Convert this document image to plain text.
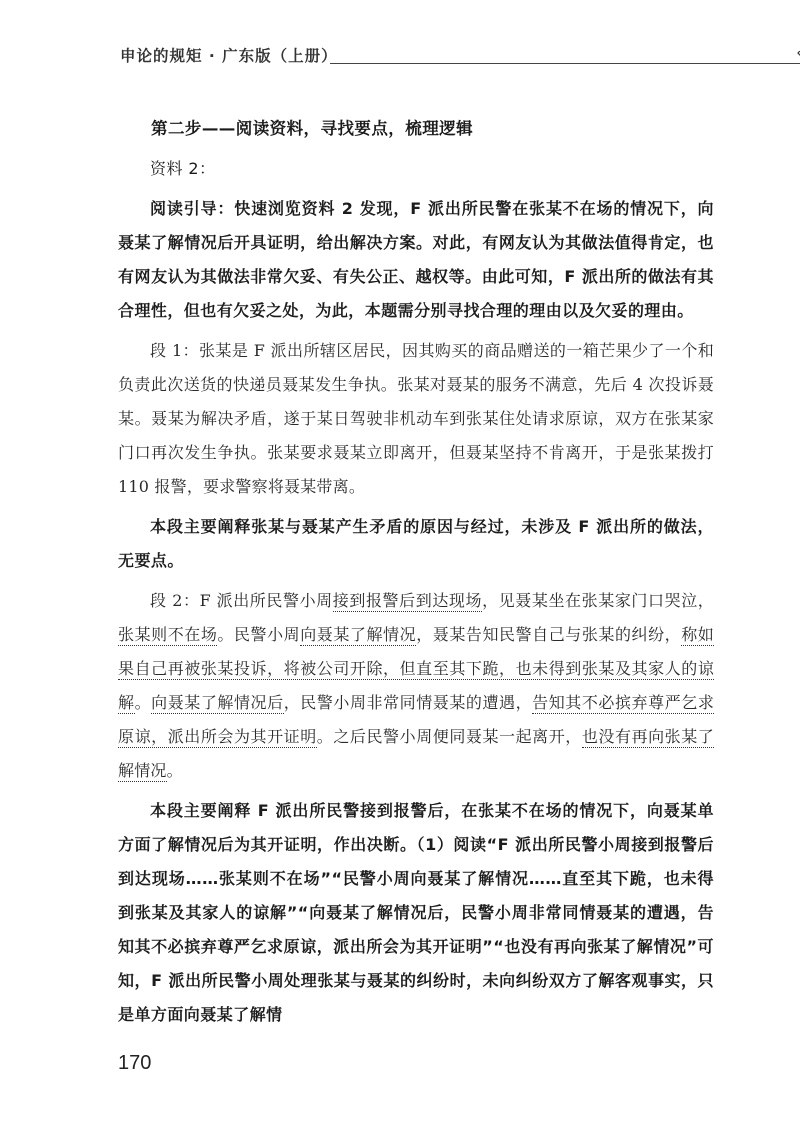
申论的规矩 · 广东版（上册）

第二步——阅读资料，寻找要点，梳理逻辑

资料 2：

阅读引导：快速浏览资料 2 发现，F 派出所民警在张某不在场的情况下，向聂某了解情况后开具证明，给出解决方案。对此，有网友认为其做法值得肯定，也有网友认为其做法非常欠妥、有失公正、越权等。由此可知，F 派出所的做法有其合理性，但也有欠妥之处，为此，本题需分别寻找合理的理由以及欠妥的理由。

段 1：张某是 F 派出所辖区居民，因其购买的商品赠送的一箱芒果少了一个和负责此次送货的快递员聂某发生争执。张某对聂某的服务不满意，先后 4 次投诉聂某。聂某为解决矛盾，遂于某日驾驶非机动车到张某住处请求原谅，双方在张某家门口再次发生争执。张某要求聂某立即离开，但聂某坚持不肯离开，于是张某拨打 110 报警，要求警察将聂某带离。

本段主要阐释张某与聂某产生矛盾的原因与经过，未涉及 F 派出所的做法，无要点。

段 2：F 派出所民警小周接到报警后到达现场，见聂某坐在张某家门口哭泣，张某则不在场。民警小周向聂某了解情况，聂某告知民警自己与张某的纠纷，称如果自己再被张某投诉，将被公司开除，但直至其下跪，也未得到张某及其家人的谅解。向聂某了解情况后，民警小周非常同情聂某的遭遇，告知其不必摈弃尊严乞求原谅，派出所会为其开证明。之后民警小周便同聂某一起离开，也没有再向张某了解情况。

本段主要阐释 F 派出所民警接到报警后，在张某不在场的情况下，向聂某单方面了解情况后为其开证明，作出决断。（1）阅读“F 派出所民警小周接到报警后到达现场……张某则不在场”“民警小周向聂某了解情况……直至其下跪，也未得到张某及其家人的谅解”“向聂某了解情况后，民警小周非常同情聂某的遭遇，告知其不必摈弃尊严乞求原谅，派出所会为其开证明”“也没有再向张某了解情况”可知，F 派出所民警小周处理张某与聂某的纠纷时，未向纠纷双方了解客观事实，只是单方面向聂某了解情

170
